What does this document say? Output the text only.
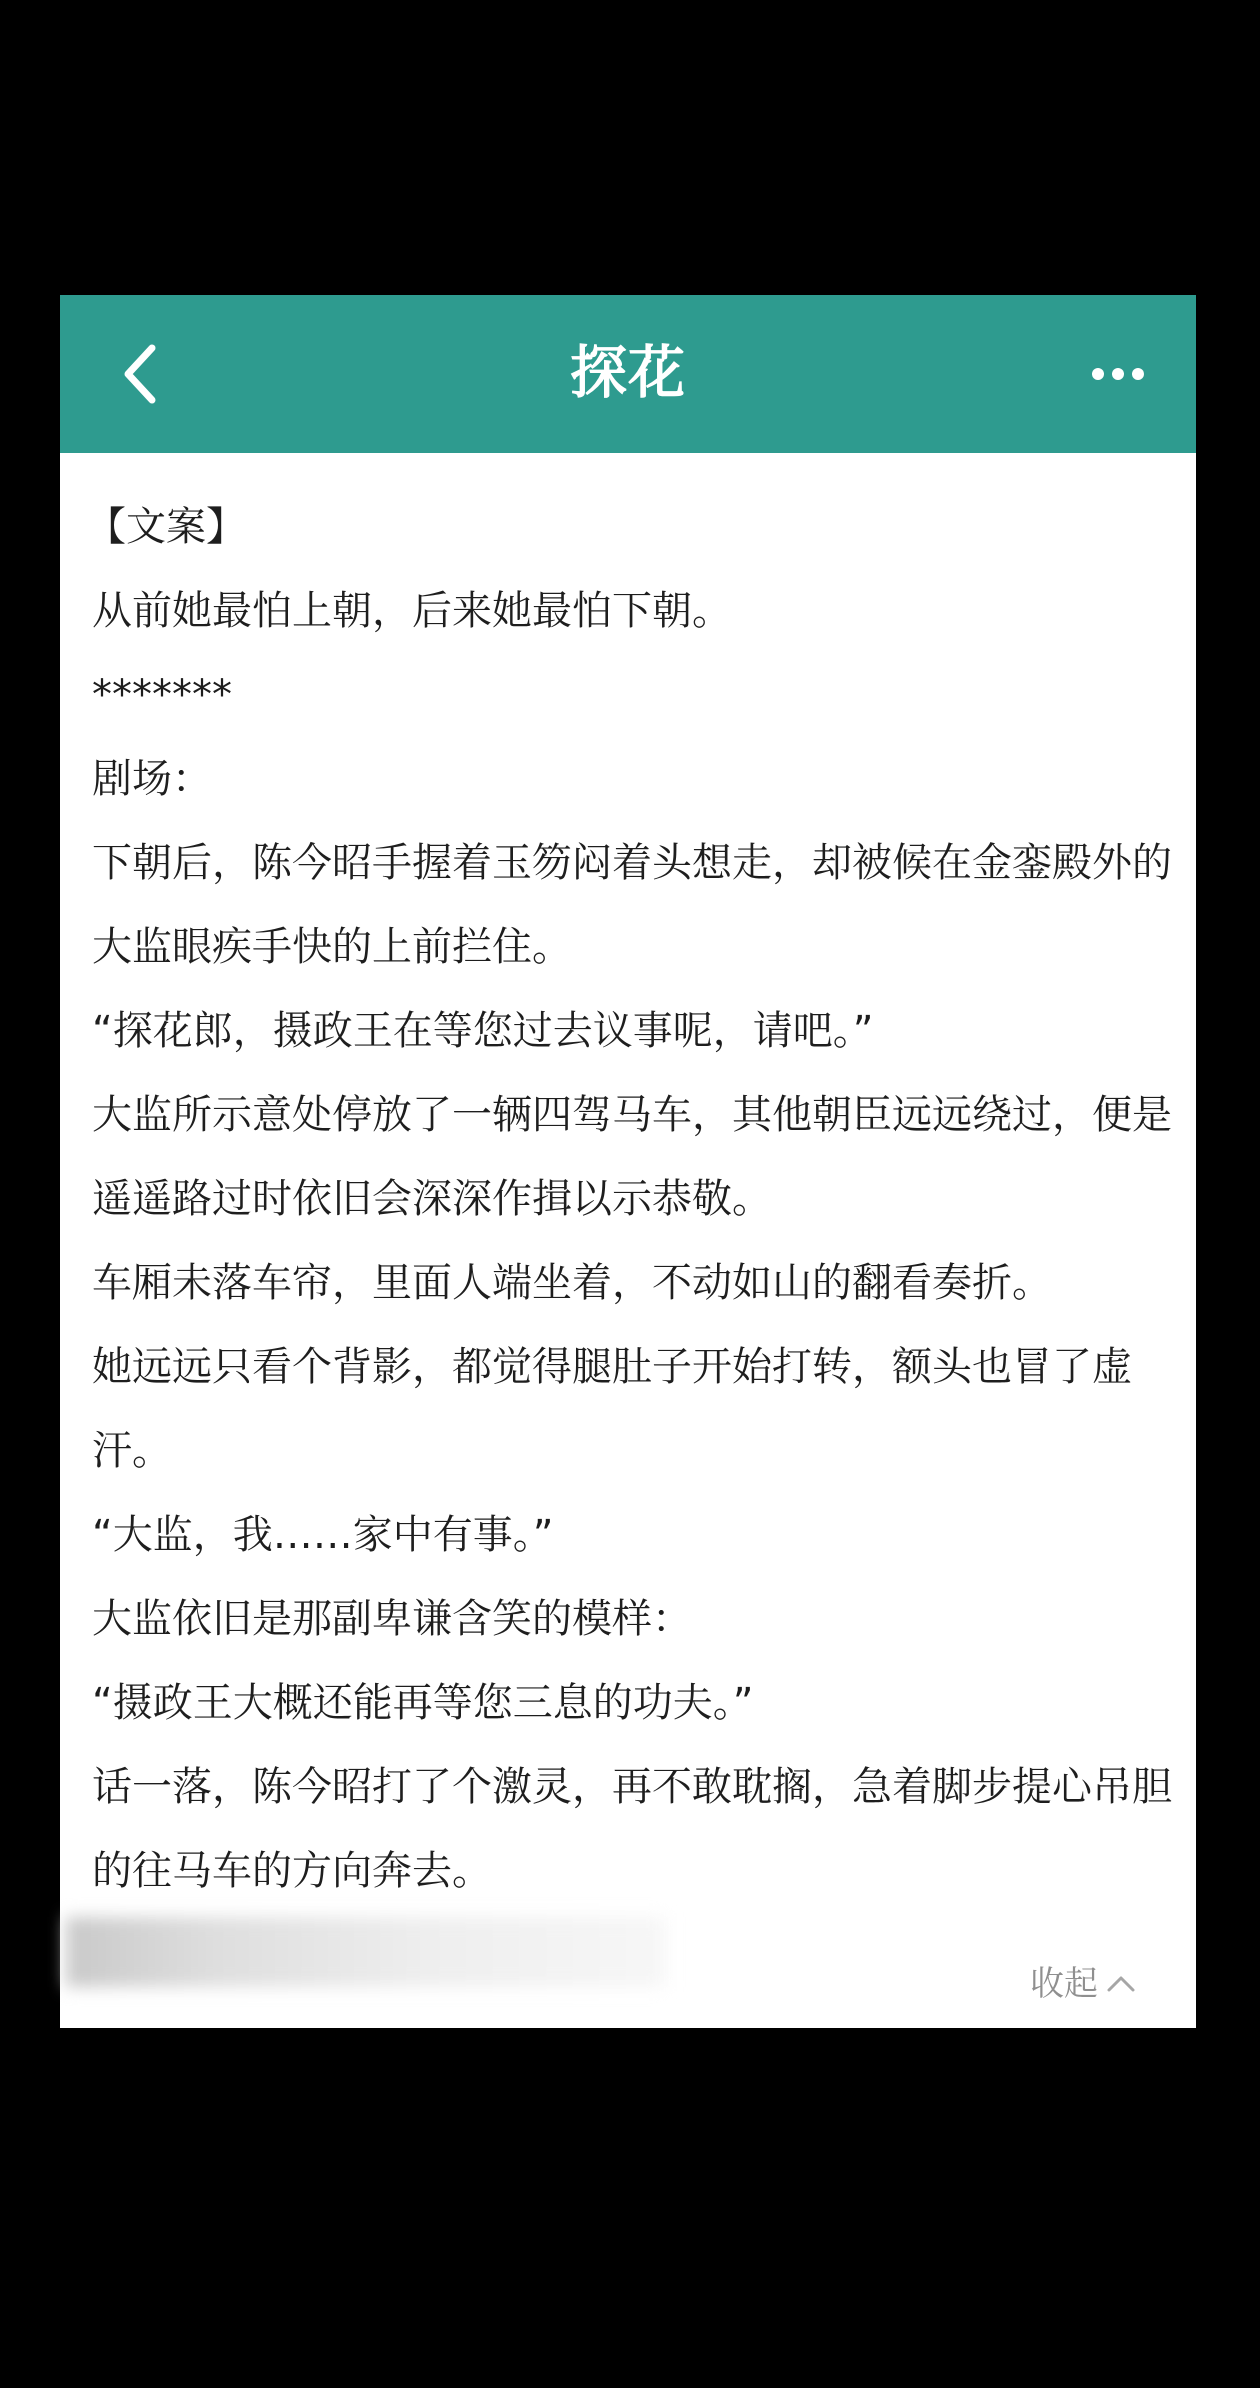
探花

【文案】

从前她最怕上朝，后来她最怕下朝。

*******

剧场：

下朝后，陈今昭手握着玉笏闷着头想走，却被候在金銮殿外的大监眼疾手快的上前拦住。

“探花郎，摄政王在等您过去议事呢，请吧。”

大监所示意处停放了一辆四驾马车，其他朝臣远远绕过，便是遥遥路过时依旧会深深作揖以示恭敬。

车厢未落车帘，里面人端坐着，不动如山的翻看奏折。

她远远只看个背影，都觉得腿肚子开始打转，额头也冒了虚汗。

“大监，我……家中有事。”

大监依旧是那副卑谦含笑的模样：

“摄政王大概还能再等您三息的功夫。”

话一落，陈今昭打了个激灵，再不敢耽搁，急着脚步提心吊胆的往马车的方向奔去。

收起
